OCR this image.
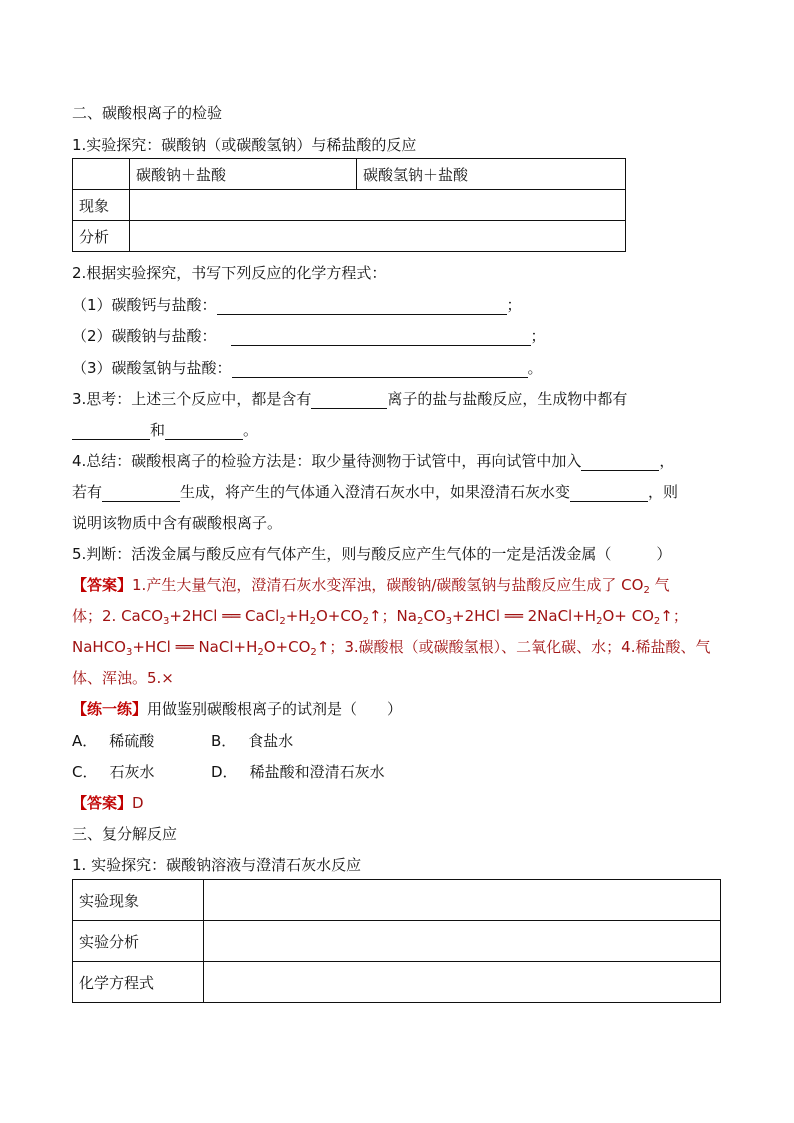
二、碳酸根离子的检验
1.实验探究：碳酸钠（或碳酸氢钠）与稀盐酸的反应
	碳酸钠＋盐酸	碳酸氢钠＋盐酸
现象		
分析		
2.根据实验探究，书写下列反应的化学方程式：
（1）碳酸钙与盐酸：	；
（2）碳酸钠与盐酸：	；
（3）碳酸氢钠与盐酸：	。
3.思考：上述三个反应中，都是含有	离子的盐与盐酸反应，生成物中都有
和	。
4.总结：碳酸根离子的检验方法是：取少量待测物于试管中，再向试管中加入	，
若有	生成，将产生的气体通入澄清石灰水中，如果澄清石灰水变	，则
说明该物质中含有碳酸根离子。
5.判断：活泼金属与酸反应有气体产生，则与酸反应产生气体的一定是活泼金属（　　　）
【答案】1.产生大量气泡，澄清石灰水变浑浊，碳酸钠/碳酸氢钠与盐酸反应生成了 $CO_2$ 气
体；2. CaCO$_3$+2HCl ══ $CaCl_2+H_2O+CO_2↑$；$Na_2CO_3+2HCl$ ══ $2NaCl+H_2O+$ $CO_2↑$；
NaHCO$_3$+HCl ══ $NaCl+H_2O+CO_2↑$；3.碳酸根（或碳酸氢根）、二氧化碳、水；4.稀盐酸、气
体、浑浊。5.×
【练一练】用做鉴别碳酸根离子的试剂是（　　）
A． 稀硫酸	B． 食盐水
C． 石灰水	D． 稀盐酸和澄清石灰水
【答案】D
三、复分解反应
1. 实验探究：碳酸钠溶液与澄清石灰水反应
实验现象	
实验分析	
化学方程式	
